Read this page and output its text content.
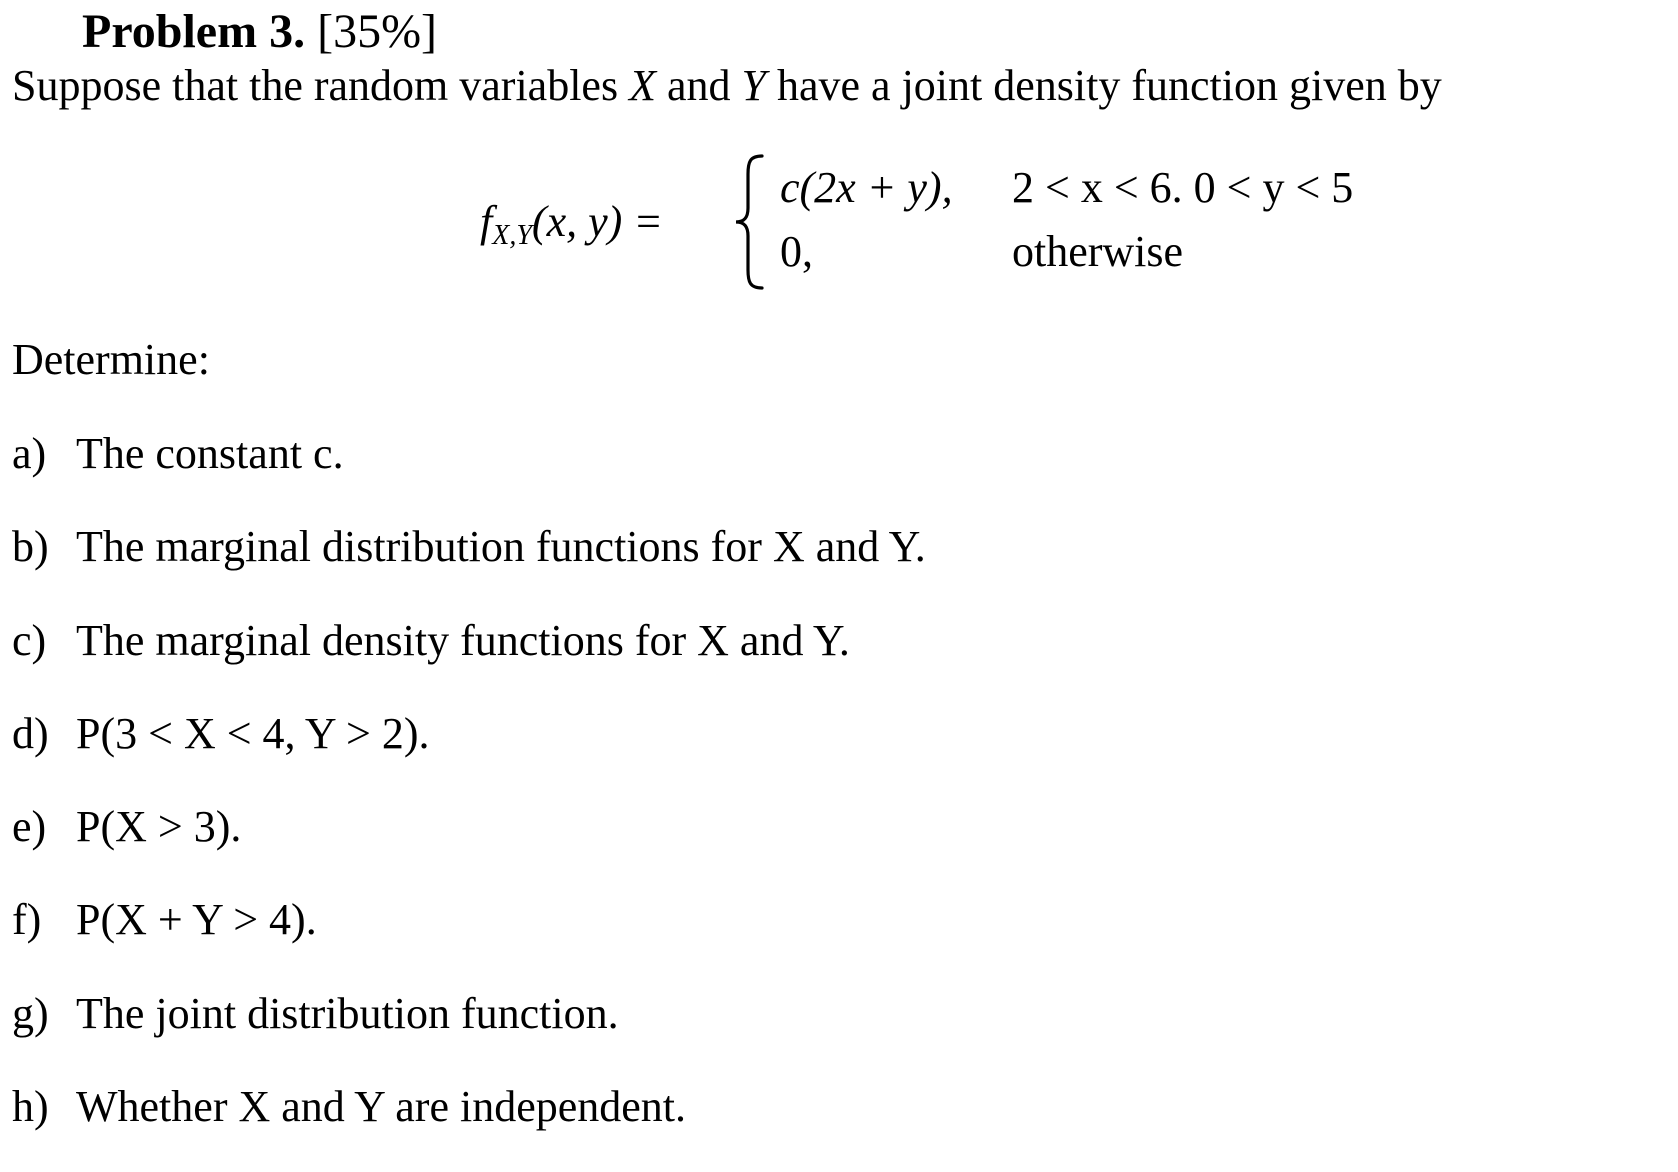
Problem 3. [35%]
Suppose that the random variables X and Y have a joint density function given by
$f_{X,Y}(x$, y) =
c(2x + y), 2 < x < 6. 0 < y < 5
0,	otherwise
Determine:
a) The constant c.
b) The marginal distribution functions for X and Y.
c) The marginal density functions for X and Y.
d) P(3 < X < 4, Y > 2).
e) P(X > 3).
f) P(X + Y > 4).
g) The joint distribution function.
h) Whether X and Y are independent.
